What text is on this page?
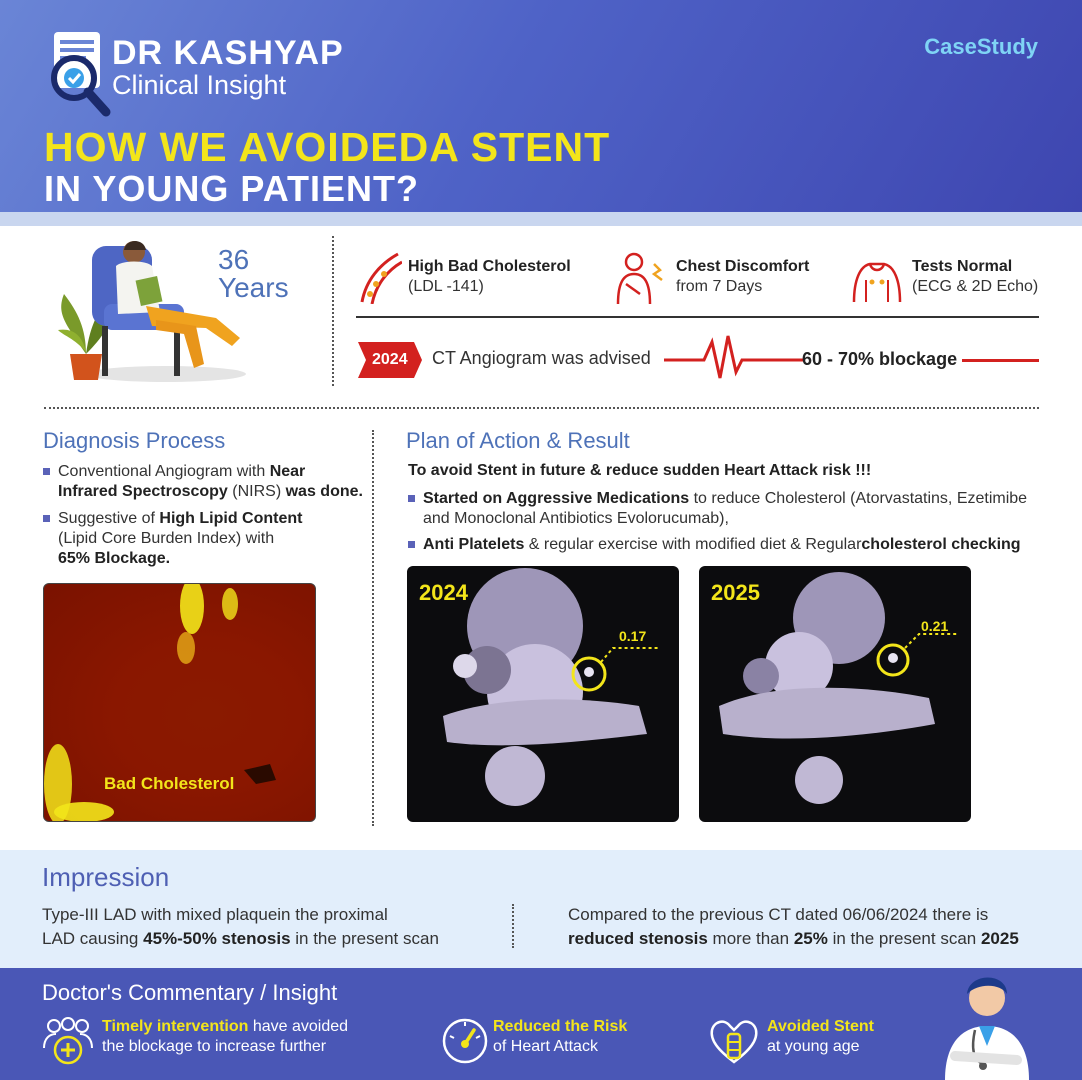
DR KASHYAP
Clinical Insight
CaseStudy
HOW WE AVOIDEDA STENT
IN YOUNG PATIENT?
36
Years
High Bad Cholesterol
(LDL -141)
Chest Discomfort
from 7 Days
Tests Normal
(ECG & 2D Echo)
2024 CT Angiogram was advised	60 - 70% blockage
Diagnosis Process
Conventional Angiogram with Near
Infrared Spectroscopy (NIRS) was done.
Suggestive of High Lipid Content
(Lipid Core Burden Index) with
65% Blockage.
Bad Cholesterol
Plan of Action & Result
To avoid Stent in future & reduce sudden Heart Attack risk !!!
Started on Aggressive Medications to reduce Cholesterol (Atorvastatins, Ezetimibe
and Monoclonal Antibiotics Evolorucumab),
Anti Platelets & regular exercise with modified diet & Regularcholesterol checking
2024
0.17
2025
0.21
Impression
Type-III LAD with mixed plaquein the proximal
LAD causing 45%-50% stenosis in the present scan
Compared to the previous CT dated 06/06/2024 there is
reduced stenosis more than 25% in the present scan 2025
Doctor's Commentary / Insight
Timely intervention have avoided
the blockage to increase further
Reduced the Risk
of Heart Attack
Avoided Stent
at young age
